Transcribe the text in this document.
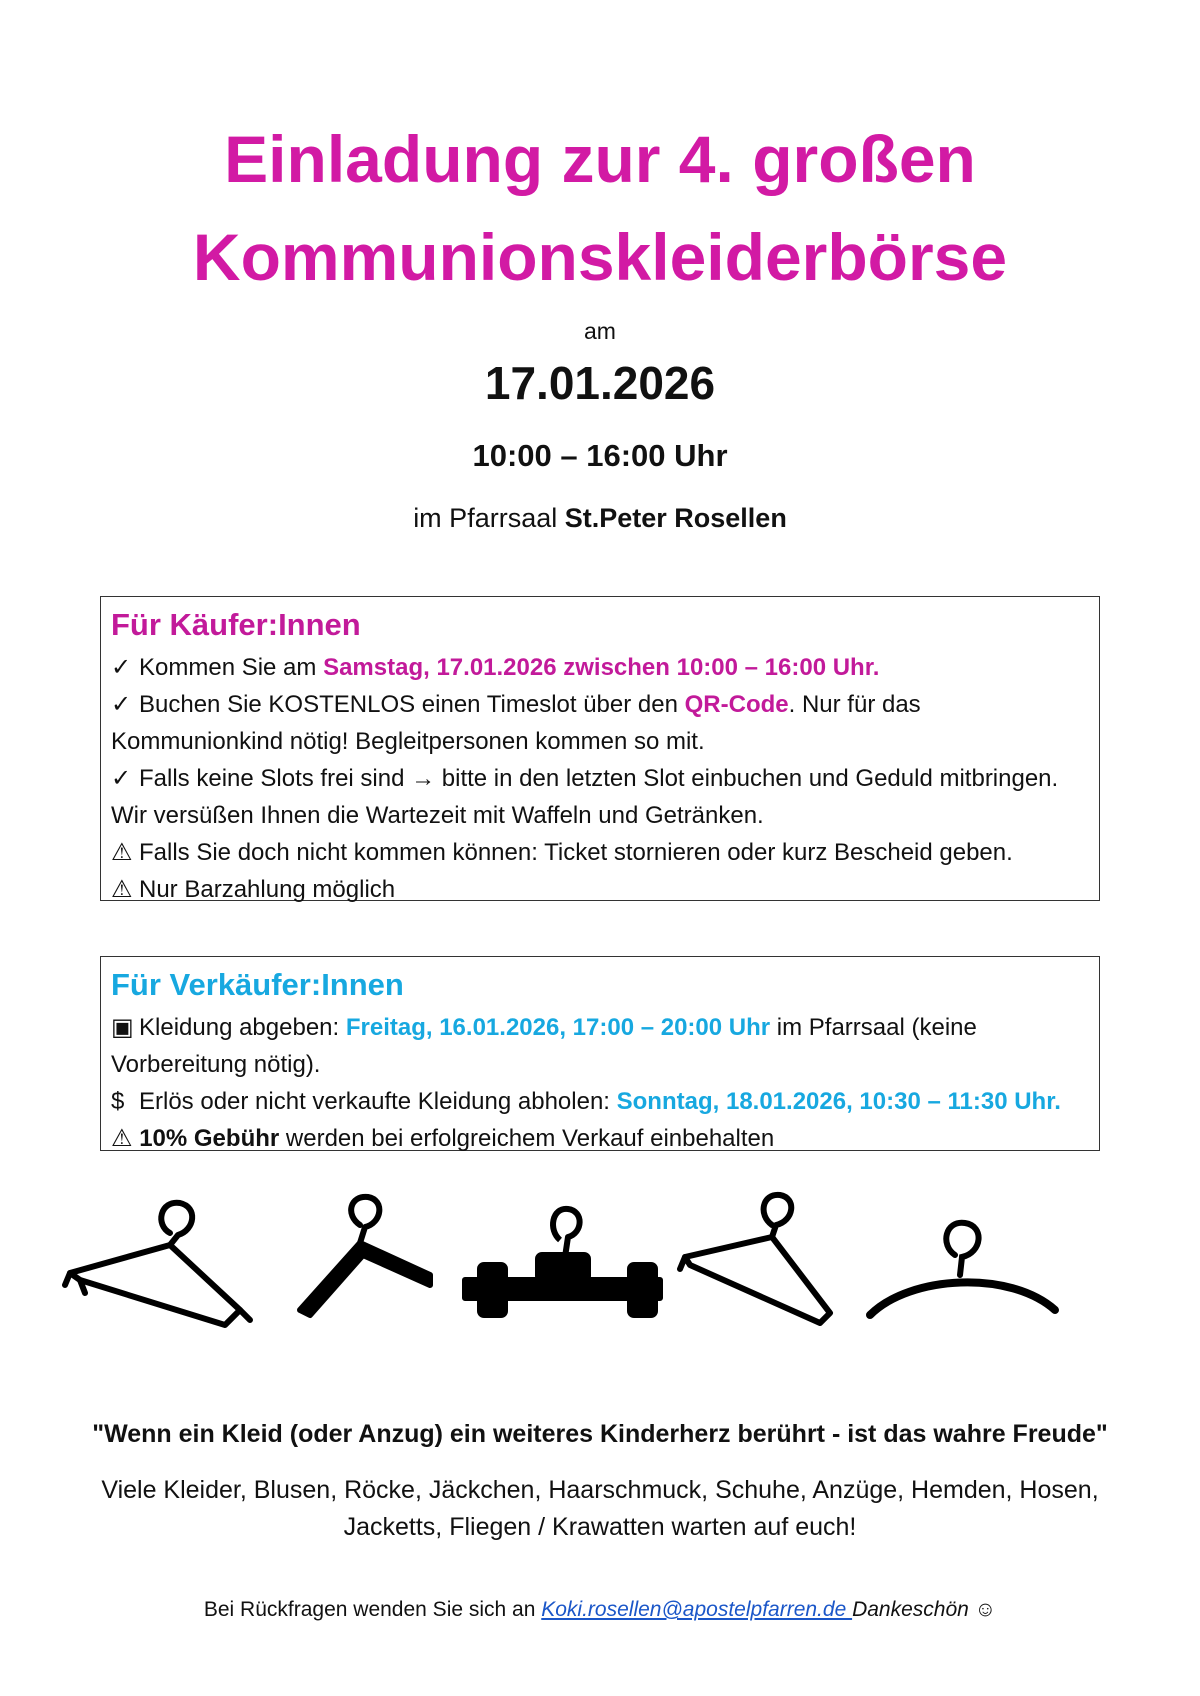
Einladung zur 4. großen
Kommunionskleiderbörse
am
17.01.2026
10:00 – 16:00 Uhr
im Pfarrsaal St.Peter Rosellen
Für Käufer:Innen

✓ Kommen Sie am Samstag, 17.01.2026 zwischen 10:00 – 16:00 Uhr.

✓ Buchen Sie KOSTENLOS einen Timeslot über den QR-Code. Nur für das Kommunionkind nötig! Begleitpersonen kommen so mit.

✓ Falls keine Slots frei sind → bitte in den letzten Slot einbuchen und Geduld mitbringen. Wir versüßen Ihnen die Wartezeit mit Waffeln und Getränken.

⚠ Falls Sie doch nicht kommen können: Ticket stornieren oder kurz Bescheid geben.

⚠ Nur Barzahlung möglich

Für Verkäufer:Innen

▣ Kleidung abgeben: Freitag, 16.01.2026, 17:00 – 20:00 Uhr im Pfarrsaal (keine Vorbereitung nötig).

$ Erlös oder nicht verkaufte Kleidung abholen: Sonntag, 18.01.2026, 10:30 – 11:30 Uhr. ⚠ 10% Gebühr werden bei erfolgreichem Verkauf einbehalten

"Wenn ein Kleid (oder Anzug) ein weiteres Kinderherz berührt - ist das wahre Freude"
Viele Kleider, Blusen, Röcke, Jäckchen, Haarschmuck, Schuhe, Anzüge, Hemden, Hosen, Jacketts, Fliegen / Krawatten warten auf euch!
Bei Rückfragen wenden Sie sich an Koki.rosellen@apostelpfarren.de Dankeschön ☺
